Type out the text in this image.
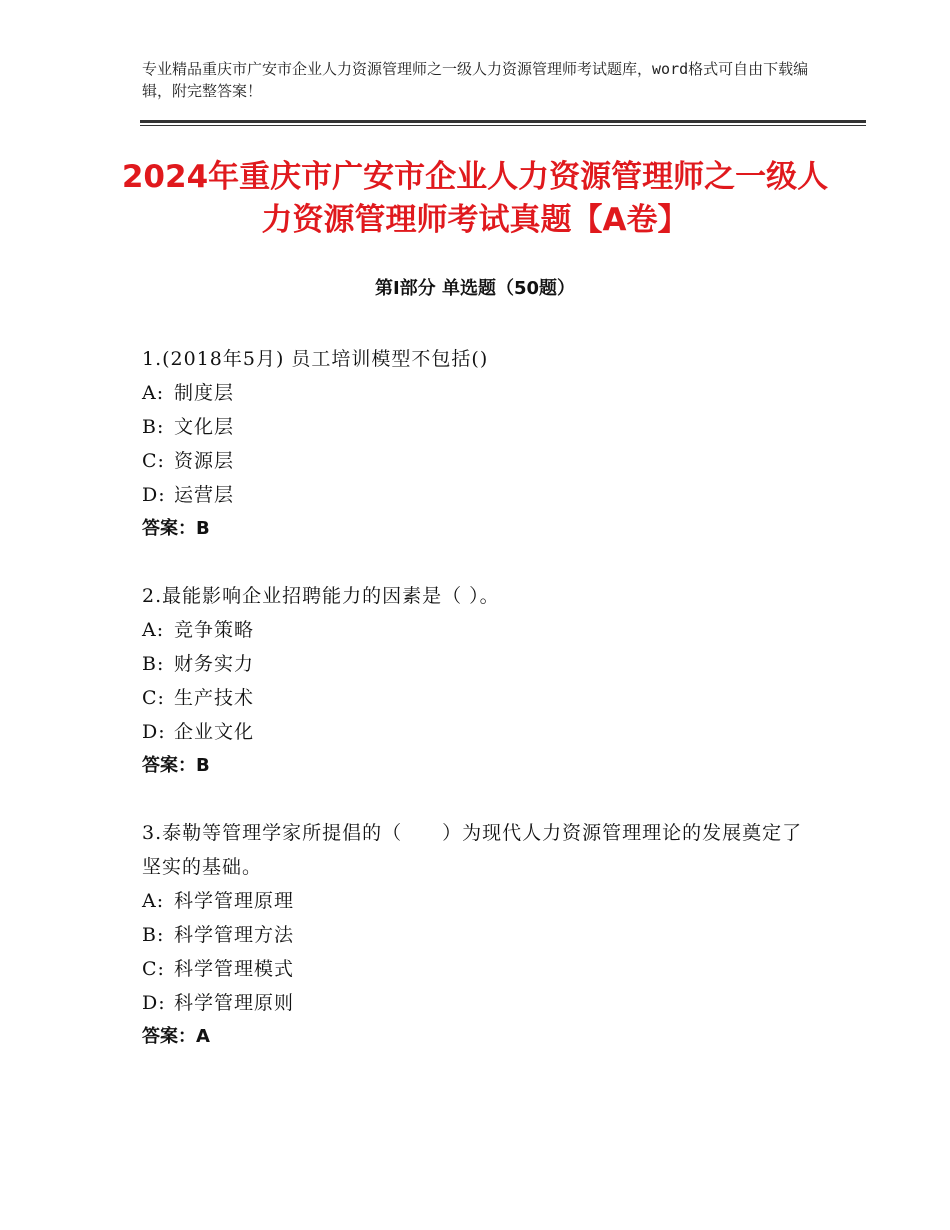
专业精品重庆市广安市企业人力资源管理师之一级人力资源管理师考试题库，word格式可自由下载编辑，附完整答案！
2024年重庆市广安市企业人力资源管理师之一级人力资源管理师考试真题【A卷】
第Ⅰ部分 单选题（50题）
1.(2018年5月) 员工培训模型不包括()
A: 制度层
B: 文化层
C: 资源层
D: 运营层
答案：B
2.最能影响企业招聘能力的因素是（ ）。
A: 竞争策略
B: 财务实力
C: 生产技术
D: 企业文化
答案：B
3.泰勒等管理学家所提倡的（　　）为现代人力资源管理理论的发展奠定了坚实的基础。
A: 科学管理原理
B: 科学管理方法
C: 科学管理模式
D: 科学管理原则
答案：A
